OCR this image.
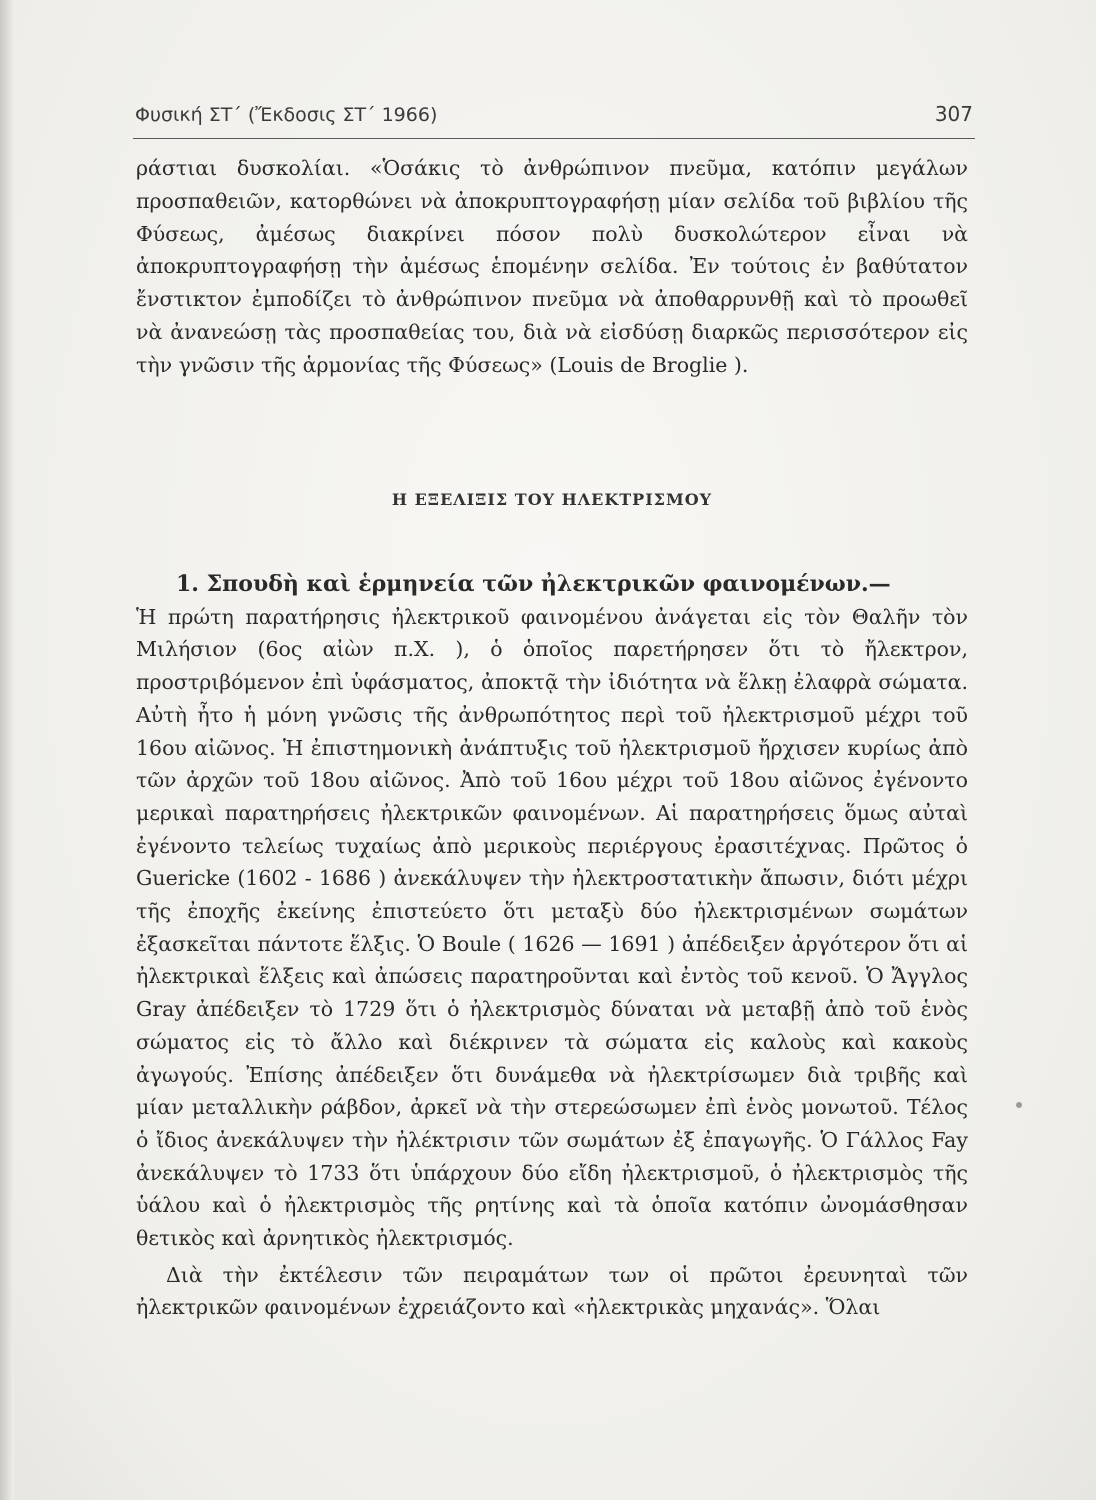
Φυσική ΣΤ΄ (Ἔκδοσις ΣΤ΄ 1966)	307

ράστιαι δυσκολίαι. «Ὁσάκις τὸ ἀνθρώπινον πνεῦμα, κατόπιν μεγάλων προσπαθειῶν, κατορθώνει νὰ ἀποκρυπτογραφήσῃ μίαν σελίδα τοῦ βιβλίου τῆς Φύσεως, ἀμέσως διακρίνει πόσον πολὺ δυσκολώτερον εἶναι νὰ ἀποκρυπτογραφήσῃ τὴν ἀμέσως ἑπομένην σελίδα. Ἐν τούτοις ἐν βαθύτατον ἔνστικτον ἐμποδίζει τὸ ἀνθρώπινον πνεῦμα νὰ ἀποθαρρυνθῇ καὶ τὸ προωθεῖ νὰ ἀνανεώσῃ τὰς προσπαθείας του, διὰ νὰ εἰσδύσῃ διαρκῶς περισσότερον εἰς τὴν γνῶσιν τῆς ἁρμονίας τῆς Φύσεως» (Louis de Broglie ).

Η ΕΞΕΛΙΞΙΣ ΤΟΥ ΗΛΕΚΤΡΙΣΜΟΥ
1. Σπουδὴ καὶ ἑρμηνεία τῶν ἠλεκτρικῶν φαινομένων.—

Ἡ πρώτη παρατήρησις ἠλεκτρικοῦ φαινομένου ἀνάγεται εἰς τὸν Θαλῆν τὸν Μιλήσιον (6ος αἰὼν π.Χ. ), ὁ ὁποῖος παρετήρησεν ὅτι τὸ ἤλεκτρον, προστριβόμενον ἐπὶ ὑφάσματος, ἀποκτᾷ τὴν ἰδιότητα νὰ ἕλκῃ ἐλαφρὰ σώματα. Αὐτὴ ἦτο ἡ μόνη γνῶσις τῆς ἀνθρωπότητος περὶ τοῦ ἠλεκτρισμοῦ μέχρι τοῦ 16ου αἰῶνος. Ἡ ἐπιστημονικὴ ἀνάπτυξις τοῦ ἠλεκτρισμοῦ ἤρχισεν κυρίως ἀπὸ τῶν ἀρχῶν τοῦ 18ου αἰῶνος. Ἀπὸ τοῦ 16ου μέχρι τοῦ 18ου αἰῶνος ἐγένοντο μερικαὶ παρατηρήσεις ἠλεκτρικῶν φαινομένων. Αἱ παρατηρήσεις ὅμως αὐταὶ ἐγένοντο τελείως τυχαίως ἀπὸ μερικοὺς περιέργους ἐρασιτέχνας. Πρῶτος ὁ Guericke (1602 - 1686 ) ἀνεκάλυψεν τὴν ἠλεκτροστατικὴν ἄπωσιν, διότι μέχρι τῆς ἐποχῆς ἐκείνης ἐπιστεύετο ὅτι μεταξὺ δύο ἠλεκτρισμένων σωμάτων ἐξασκεῖται πάντοτε ἕλξις. Ὁ Boule ( 1626 — 1691 ) ἀπέδειξεν ἀργότερον ὅτι αἱ ἠλεκτρικαὶ ἕλξεις καὶ ἀπώσεις παρατηροῦνται καὶ ἐντὸς τοῦ κενοῦ. Ὁ Ἄγγλος Gray ἀπέδειξεν τὸ 1729 ὅτι ὁ ἠλεκτρισμὸς δύναται νὰ μεταβῇ ἀπὸ τοῦ ἑνὸς σώματος εἰς τὸ ἄλλο καὶ διέκρινεν τὰ σώματα εἰς καλοὺς καὶ κακοὺς ἀγωγούς. Ἐπίσης ἀπέδειξεν ὅτι δυνάμεθα νὰ ἠλεκτρίσωμεν διὰ τριβῆς καὶ μίαν μεταλλικὴν ράβδον, ἀρκεῖ νὰ τὴν στερεώσωμεν ἐπὶ ἑνὸς μονωτοῦ. Τέλος ὁ ἴδιος ἀνεκάλυψεν τὴν ἠλέκτρισιν τῶν σωμάτων ἐξ ἐπαγωγῆς. Ὁ Γάλλος Fay ἀνεκάλυψεν τὸ 1733 ὅτι ὑπάρχουν δύο εἴδη ἠλεκτρισμοῦ, ὁ ἠλεκτρισμὸς τῆς ὑάλου καὶ ὁ ἠλεκτρισμὸς τῆς ρητίνης καὶ τὰ ὁποῖα κατόπιν ὠνομάσθησαν θετικὸς καὶ ἀρνητικὸς ἠλεκτρισμός.

Διὰ τὴν ἐκτέλεσιν τῶν πειραμάτων των οἱ πρῶτοι ἐρευνηταὶ τῶν ἠλεκτρικῶν φαινομένων ἐχρειάζοντο καὶ «ἠλεκτρικὰς μηχανάς». Ὅλαι
